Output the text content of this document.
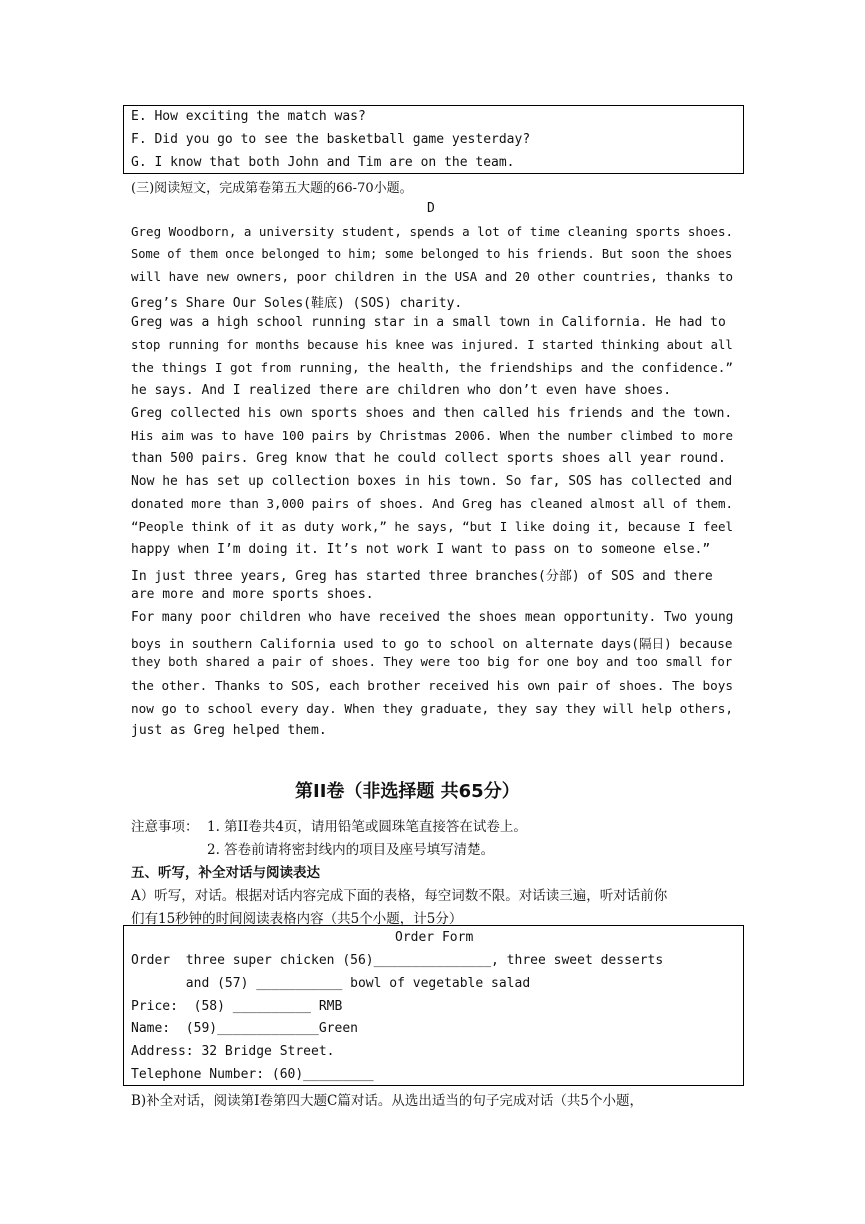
E. How exciting the match was?
F. Did you go to see the basketball game yesterday?
G. I know that both John and Tim are on the team.
(三)阅读短文，完成第卷第五大题的66-70小题。
D
Greg Woodborn, a university student, spends a lot of time cleaning sports shoes.
Some of them once belonged to him; some belonged to his friends. But soon the shoes
will have new owners, poor children in the USA and 20 other countries, thanks to
Greg’s Share Our Soles(鞋底) (SOS) charity.
Greg was a high school running star in a small town in California. He had to
stop running for months because his knee was injured. I started thinking about all
the things I got from running, the health, the friendships and the confidence.”
he says. And I realized there are children who don’t even have shoes.
Greg collected his own sports shoes and then called his friends and the town.
His aim was to have 100 pairs by Christmas 2006. When the number climbed to more
than 500 pairs. Greg know that he could collect sports shoes all year round.
Now he has set up collection boxes in his town. So far, SOS has collected and
donated more than 3,000 pairs of shoes. And Greg has cleaned almost all of them.
“People think of it as duty work,” he says, “but I like doing it, because I feel
happy when I’m doing it. It’s not work I want to pass on to someone else.”
In just three years, Greg has started three branches(分部) of SOS and there
are more and more sports shoes.
For many poor children who have received the shoes mean opportunity. Two young
boys in southern California used to go to school on alternate days(隔日) because
they both shared a pair of shoes. They were too big for one boy and too small for
the other. Thanks to SOS, each brother received his own pair of shoes. The boys
now go to school every day. When they graduate, they say they will help others,
just as Greg helped them.
第II卷（非选择题 共65分）
注意事项： 1. 第II卷共4页，请用铅笔或圆珠笔直接答在试卷上。
2. 答卷前请将密封线内的项目及座号填写清楚。
五、听写，补全对话与阅读表达
A）听写，对话。根据对话内容完成下面的表格，每空词数不限。对话读三遍，听对话前你
们有15秒钟的时间阅读表格内容（共5个小题，计5分）
Order Form
Order  three super chicken (56)_______________, three sweet desserts
and (57) ___________ bowl of vegetable salad
Price:  (58) __________ RMB
Name:  (59)_____________Green
Address: 32 Bridge Street.
Telephone Number: (60)_________
B)补全对话，阅读第I卷第四大题C篇对话。从选出适当的句子完成对话（共5个小题，
